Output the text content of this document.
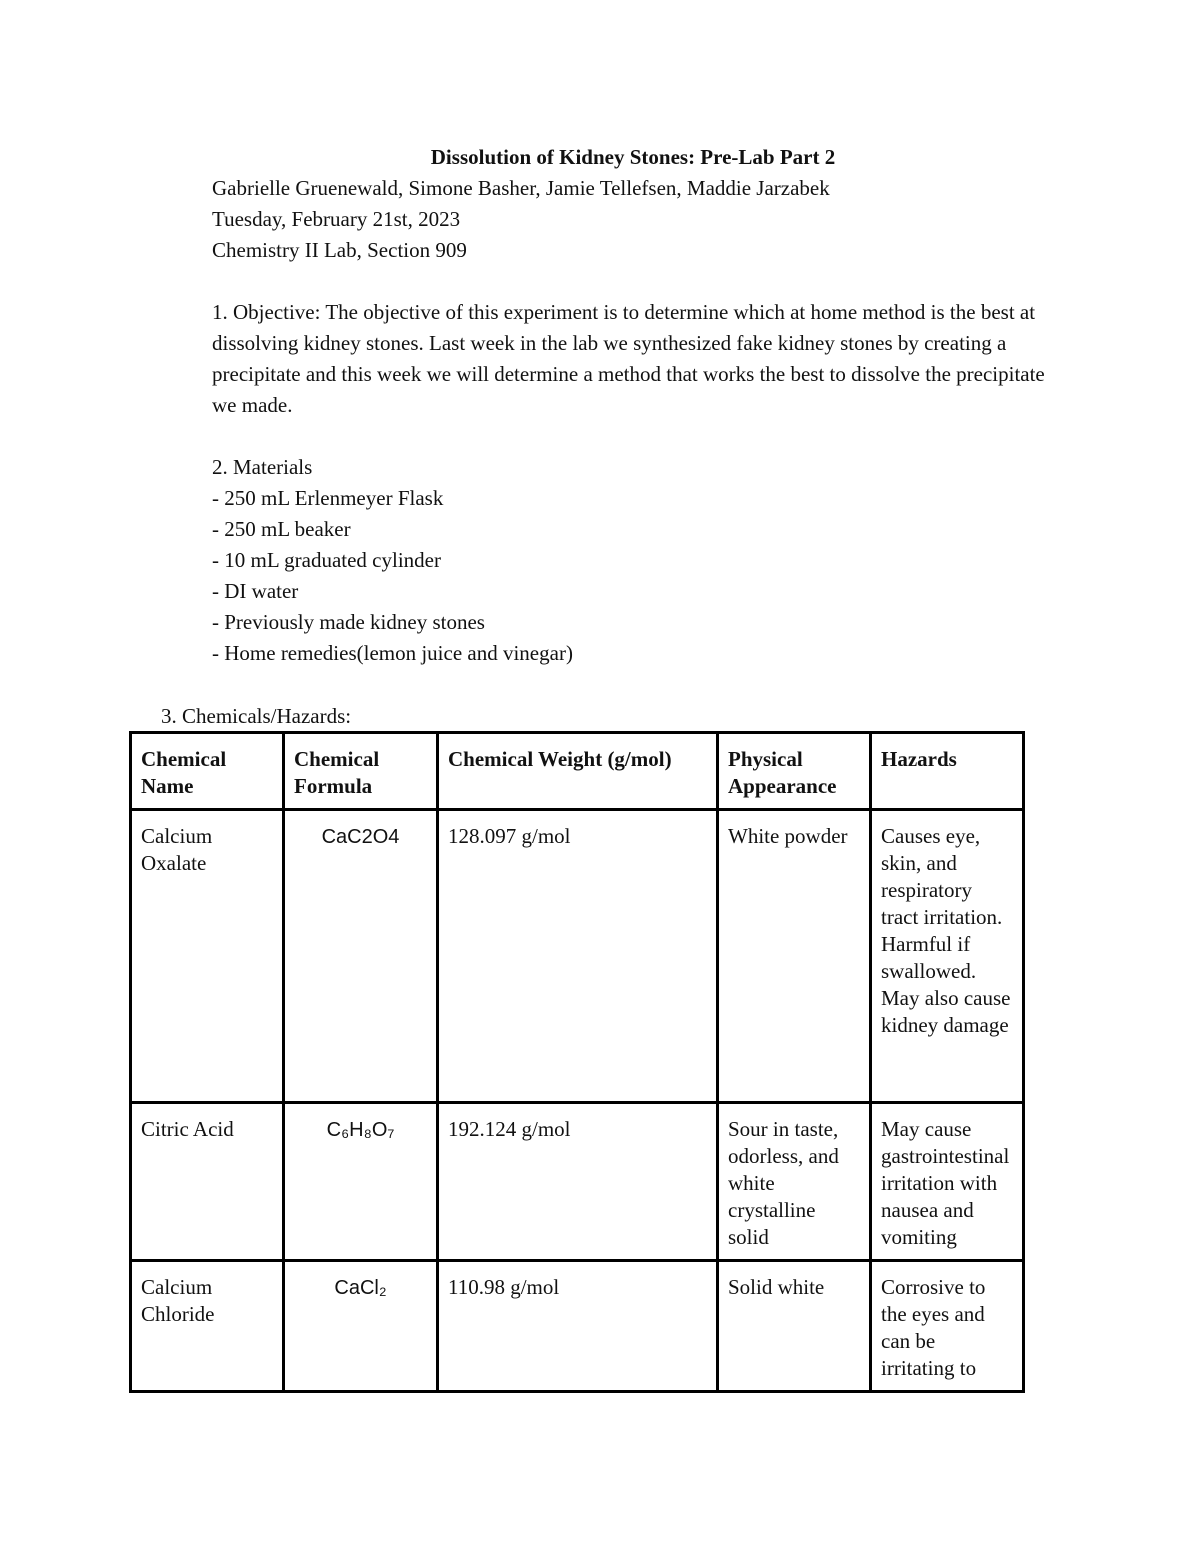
Dissolution of Kidney Stones: Pre-Lab Part 2
Gabrielle Gruenewald, Simone Basher, Jamie Tellefsen, Maddie Jarzabek
Tuesday, February 21st, 2023
Chemistry II Lab, Section 909
1. Objective: The objective of this experiment is to determine which at home method is the best at dissolving kidney stones. Last week in the lab we synthesized fake kidney stones by creating a precipitate and this week we will determine a method that works the best to dissolve the precipitate we made.
2. Materials
- 250 mL Erlenmeyer Flask
- 250 mL beaker
- 10 mL graduated cylinder
- DI water
- Previously made kidney stones
- Home remedies(lemon juice and vinegar)
3. Chemicals/Hazards:
Chemical Name	Chemical Formula	Chemical Weight (g/mol)	Physical Appearance	Hazards
Calcium Oxalate	CaC2O4	128.097 g/mol	White powder	Causes eye, skin, and respiratory tract irritation. Harmful if swallowed. May also cause kidney damage
Citric Acid	C₆H₈O₇	192.124 g/mol	Sour in taste, odorless, and white crystalline solid	May cause gastrointestinal irritation with nausea and vomiting
Calcium Chloride	CaCl₂	110.98 g/mol	Solid white	Corrosive to the eyes and can be irritating to
